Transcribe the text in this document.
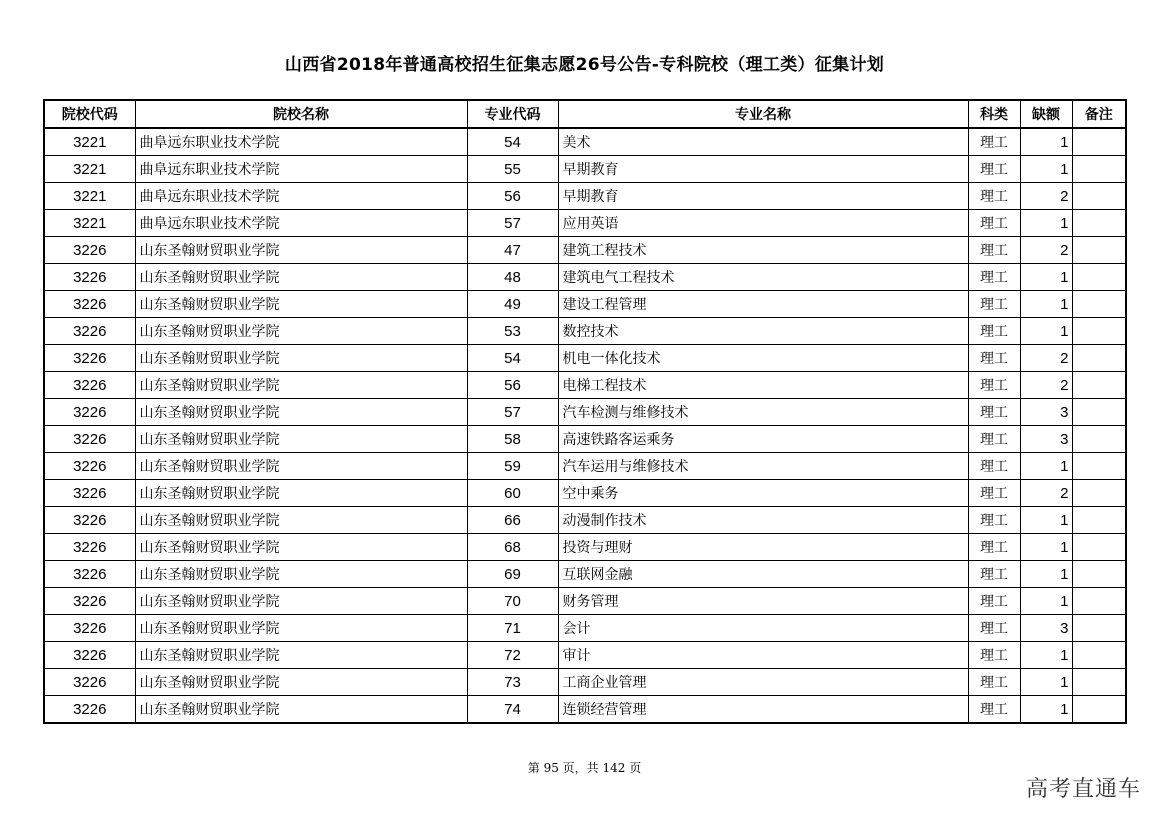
山西省2018年普通高校招生征集志愿26号公告-专科院校（理工类）征集计划
院校代码	院校名称	专业代码	专业名称	科类	缺额	备注
3221	曲阜远东职业技术学院	54	美术	理工	1	
3221	曲阜远东职业技术学院	55	早期教育	理工	1	
3221	曲阜远东职业技术学院	56	早期教育	理工	2	
3221	曲阜远东职业技术学院	57	应用英语	理工	1	
3226	山东圣翰财贸职业学院	47	建筑工程技术	理工	2	
3226	山东圣翰财贸职业学院	48	建筑电气工程技术	理工	1	
3226	山东圣翰财贸职业学院	49	建设工程管理	理工	1	
3226	山东圣翰财贸职业学院	53	数控技术	理工	1	
3226	山东圣翰财贸职业学院	54	机电一体化技术	理工	2	
3226	山东圣翰财贸职业学院	56	电梯工程技术	理工	2	
3226	山东圣翰财贸职业学院	57	汽车检测与维修技术	理工	3	
3226	山东圣翰财贸职业学院	58	高速铁路客运乘务	理工	3	
3226	山东圣翰财贸职业学院	59	汽车运用与维修技术	理工	1	
3226	山东圣翰财贸职业学院	60	空中乘务	理工	2	
3226	山东圣翰财贸职业学院	66	动漫制作技术	理工	1	
3226	山东圣翰财贸职业学院	68	投资与理财	理工	1	
3226	山东圣翰财贸职业学院	69	互联网金融	理工	1	
3226	山东圣翰财贸职业学院	70	财务管理	理工	1	
3226	山东圣翰财贸职业学院	71	会计	理工	3	
3226	山东圣翰财贸职业学院	72	审计	理工	1	
3226	山东圣翰财贸职业学院	73	工商企业管理	理工	1	
3226	山东圣翰财贸职业学院	74	连锁经营管理	理工	1	
第 95 页，共 142 页
高考直通车
